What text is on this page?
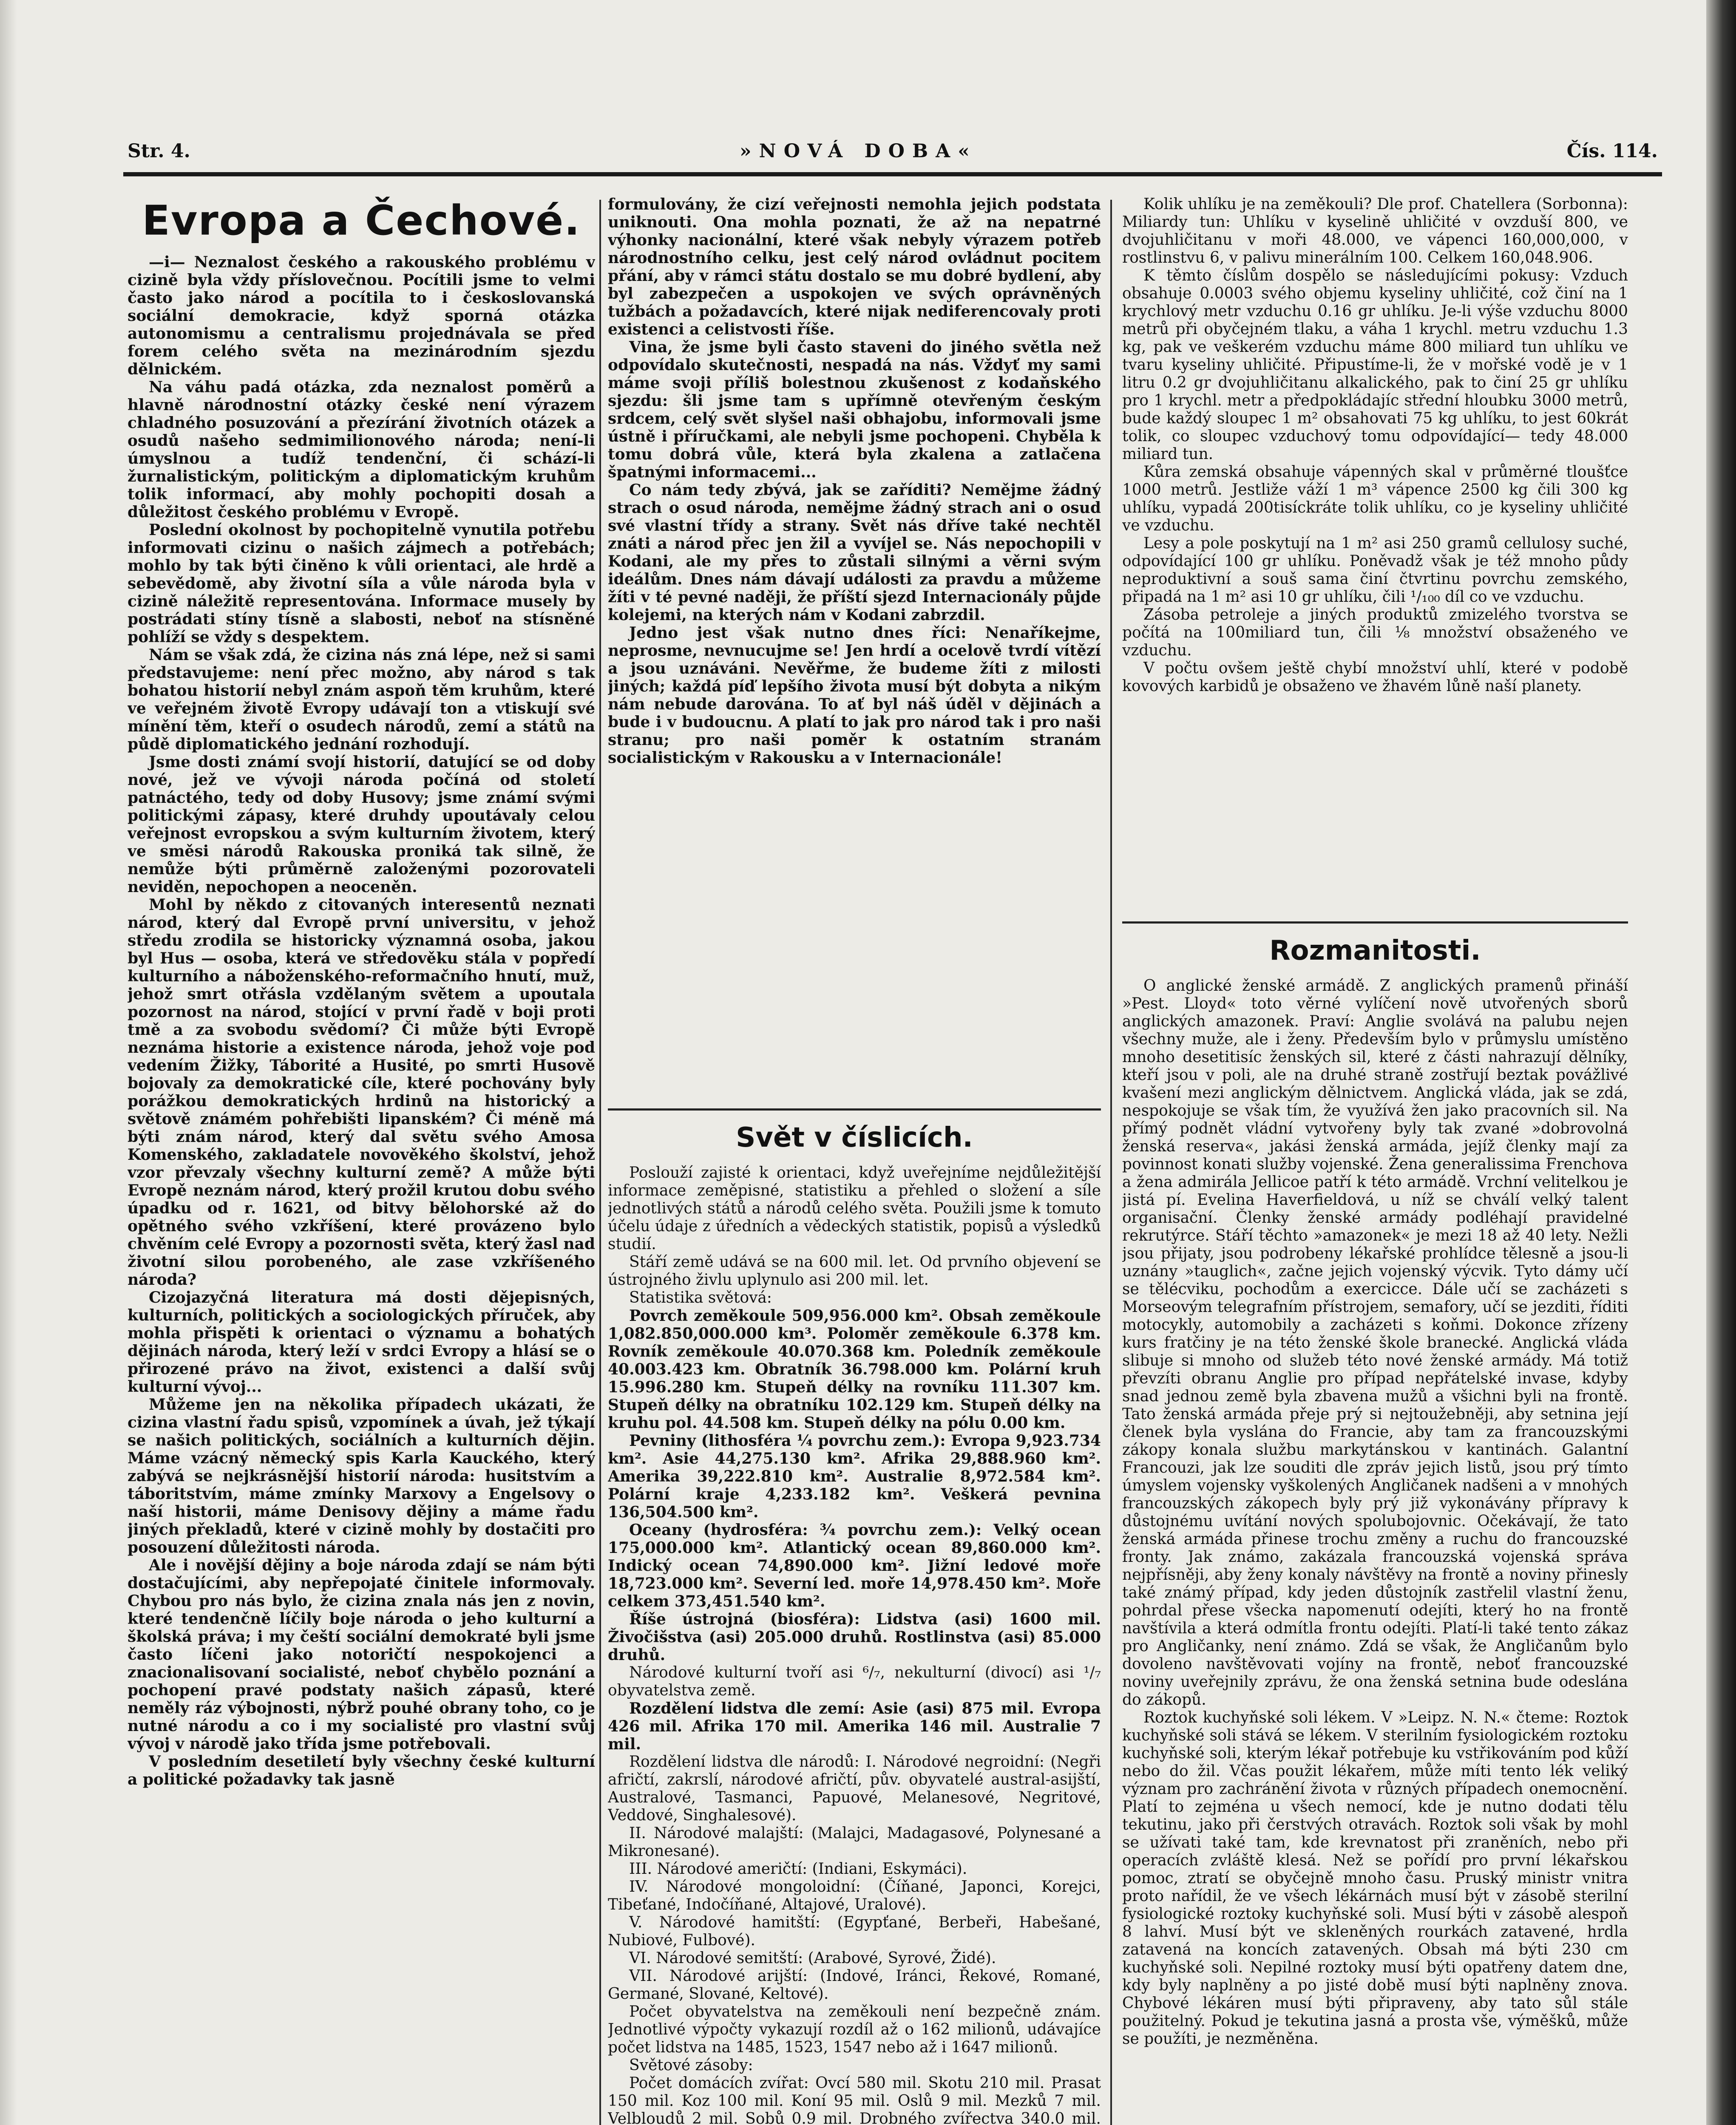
Str. 4.	»NOVÁ DOBA«	Čís. 114.
Evropa a Čechové.

—i— Neznalost českého a rakouského problému v cizině byla vždy příslovečnou. Pocítili jsme to velmi často jako národ a pocítila to i českoslovanská sociální demokracie, když sporná otázka autonomismu a centralismu projednávala se před forem celého světa na mezinárodním sjezdu dělnickém.

Na váhu padá otázka, zda neznalost poměrů a hlavně národnostní otázky české není výrazem chladného posuzování a přezírání životních otázek a osudů našeho sedmimilionového národa; není-li úmyslnou a tudíž tendenční, či schází-li žurnalistickým, politickým a diplomatickým kruhům tolik informací, aby mohly pochopiti dosah a důležitost českého problému v Evropě.

Poslední okolnost by pochopitelně vynutila potřebu informovati cizinu o našich zájmech a potřebách; mohlo by tak býti činěno k vůli orientaci, ale hrdě a sebevědomě, aby životní síla a vůle národa byla v cizině náležitě representována. Informace musely by postrádati stíny tísně a slabosti, neboť na stísněné pohlíží se vždy s despektem.

Nám se však zdá, že cizina nás zná lépe, než si sami představujeme: není přec možno, aby národ s tak bohatou historií nebyl znám aspoň těm kruhům, které ve veřejném životě Evropy udávají ton a vtiskují své mínění těm, kteří o osudech národů, zemí a států na půdě diplomatického jednání rozhodují.

Jsme dosti známí svojí historií, datující se od doby nové, jež ve vývoji národa počíná od století patnáctého, tedy od doby Husovy; jsme známí svými politickými zápasy, které druhdy upoutávaly celou veřejnost evropskou a svým kulturním životem, který ve směsi národů Rakouska proniká tak silně, že nemůže býti průměrně založenými pozorovateli neviděn, nepochopen a neoceněn.

Mohl by někdo z citovaných interesentů neznati národ, který dal Evropě první universitu, v jehož středu zrodila se historicky významná osoba, jakou byl Hus — osoba, která ve středověku stála v popředí kulturního a náboženského-reformačního hnutí, muž, jehož smrt otřásla vzdělaným světem a upoutala pozornost na národ, stojící v první řadě v boji proti tmě a za svobodu svědomí? Či může býti Evropě neznáma historie a existence národa, jehož voje pod vedením Žižky, Táborité a Husité, po smrti Husově bojovaly za demokratické cíle, které pochovány byly porážkou demokratických hrdinů na historický a světově známém pohřebišti lipanském? Či méně má býti znám národ, který dal světu svého Amosa Komenského, zakladatele novověkého školství, jehož vzor převzaly všechny kulturní země? A může býti Evropě neznám národ, který prožil krutou dobu svého úpadku od r. 1621, od bitvy bělohorské až do opětného svého vzkříšení, které provázeno bylo chvěním celé Evropy a pozornosti světa, který žasl nad životní silou porobeného, ale zase vzkříšeného národa?

Cizojazyčná literatura má dosti dějepisných, kulturních, politických a sociologických příruček, aby mohla přispěti k orientaci o významu a bohatých dějinách národa, který leží v srdci Evropy a hlásí se o přirozené právo na život, existenci a další svůj kulturní vývoj...

Můžeme jen na několika případech ukázati, že cizina vlastní řadu spisů, vzpomínek a úvah, jež týkají se našich politických, sociálních a kulturních dějin. Máme vzácný německý spis Karla Kauckého, který zabývá se nejkrásnější historií národa: husitstvím a táboritstvím, máme zmínky Marxovy a Engelsovy o naší historii, máme Denisovy dějiny a máme řadu jiných překladů, které v cizině mohly by dostačiti pro posouzení důležitosti národa.

Ale i novější dějiny a boje národa zdají se nám býti dostačujícími, aby nepřepojaté činitele informovaly. Chybou pro nás bylo, že cizina znala nás jen z novin, které tendenčně líčily boje národa o jeho kulturní a školská práva; i my čeští sociální demokraté byli jsme často líčeni jako notoričtí nespokojenci a znacionalisovaní socialisté, neboť chybělo poznání a pochopení pravé podstaty našich zápasů, které neměly ráz výbojnosti, nýbrž pouhé obrany toho, co je nutné národu a co i my socialisté pro vlastní svůj vývoj v národě jako třída jsme potřebovali.

V posledním desetiletí byly všechny české kulturní a politické požadavky tak jasně

formulovány, že cizí veřejnosti nemohla jejich podstata uniknouti. Ona mohla poznati, že až na nepatrné výhonky nacionální, které však nebyly výrazem potřeb národnostního celku, jest celý národ ovládnut pocitem přání, aby v rámci státu dostalo se mu dobré bydlení, aby byl zabezpečen a uspokojen ve svých oprávněných tužbách a požadavcích, které nijak nediferencovaly proti existenci a celistvosti říše.

Vina, že jsme byli často staveni do jiného světla než odpovídalo skutečnosti, nespadá na nás. Vždyť my sami máme svoji příliš bolestnou zkušenost z kodaňského sjezdu: šli jsme tam s upřímně otevřeným českým srdcem, celý svět slyšel naši obhajobu, informovali jsme ústně i příručkami, ale nebyli jsme pochopeni. Chyběla k tomu dobrá vůle, která byla zkalena a zatlačena špatnými informacemi...

Co nám tedy zbývá, jak se zaříditi? Nemějme žádný strach o osud národa, nemějme žádný strach ani o osud své vlastní třídy a strany. Svět nás dříve také nechtěl znáti a národ přec jen žil a vyvíjel se. Nás nepochopili v Kodani, ale my přes to zůstali silnými a věrni svým ideálům. Dnes nám dávají události za pravdu a můžeme žíti v té pevné naději, že příští sjezd Internacionály půjde kolejemi, na kterých nám v Kodani zabrzdil.

Jedno jest však nutno dnes říci: Nenaříkejme, neprosme, nevnucujme se! Jen hrdí a ocelově tvrdí vítězí a jsou uznáváni. Nevěřme, že budeme žíti z milosti jiných; každá píď lepšího života musí být dobyta a nikým nám nebude darována. To ať byl náš úděl v dějinách a bude i v budoucnu. A platí to jak pro národ tak i pro naši stranu; pro naši poměr k ostatním stranám socialistickým v Rakousku a v Internacionále!

Svět v číslicích.

Poslouží zajisté k orientaci, když uveřejníme nejdůležitější informace zeměpisné, statistiku a přehled o složení a síle jednotlivých států a národů celého světa. Použili jsme k tomuto účelu údaje z úředních a vědeckých statistik, popisů a výsledků studií.

Stáří země udává se na 600 mil. let. Od prvního objevení se ústrojného živlu uplynulo asi 200 mil. let.

Statistika světová:

Povrch zeměkoule 509,956.000 km². Obsah zeměkoule 1,082.850,000.000 km³. Poloměr zeměkoule 6.378 km. Rovník zeměkoule 40.070.368 km. Poledník zeměkoule 40.003.423 km. Obratník 36.798.000 km. Polární kruh 15.996.280 km. Stupeň délky na rovníku 111.307 km. Stupeň délky na obratníku 102.129 km. Stupeň délky na kruhu pol. 44.508 km. Stupeň délky na pólu 0.00 km.

Pevniny (lithosféra ¼ povrchu zem.): Evropa 9,923.734 km². Asie 44,275.130 km². Afrika 29,888.960 km². Amerika 39,222.810 km². Australie 8,972.584 km². Polární kraje 4,233.182 km². Veškerá pevnina 136,504.500 km².

Oceany (hydrosféra: ¾ povrchu zem.): Velký ocean 175,000.000 km². Atlantický ocean 89,860.000 km². Indický ocean 74,890.000 km². Jižní ledové moře 18,723.000 km². Severní led. moře 14,978.450 km². Moře celkem 373,451.540 km².

Říše ústrojná (biosféra): Lidstva (asi) 1600 mil. Živočišstva (asi) 205.000 druhů. Rostlinstva (asi) 85.000 druhů.

Národové kulturní tvoří asi ⁶/₇, nekulturní (divocí) asi ¹/₇ obyvatelstva země.

Rozdělení lidstva dle zemí: Asie (asi) 875 mil. Evropa 426 mil. Afrika 170 mil. Amerika 146 mil. Australie 7 mil.

Rozdělení lidstva dle národů: I. Národové negroidní: (Negři afričtí, zakrslí, národové afričtí, pův. obyvatelé austral-asijští, Australové, Tasmanci, Papuové, Melanesové, Negritové, Veddové, Singhalesové).

II. Národové malajští: (Malajci, Madagasové, Polynesané a Mikronesané).

III. Národové američtí: (Indiani, Eskymáci).

IV. Národové mongoloidní: (Číňané, Japonci, Korejci, Tibeťané, Indočíňané, Altajové, Uralové).

V. Národové hamitští: (Egypťané, Berbeři, Habešané, Nubiové, Fulbové).

VI. Národové semitští: (Arabové, Syrové, Židé).

VII. Národové arijští: (Indové, Iránci, Řekové, Romané, Germané, Slované, Keltové).

Počet obyvatelstva na zeměkouli není bezpečně znám. Jednotlivé výpočty vykazují rozdíl až o 162 milionů, udávajíce počet lidstva na 1485, 1523, 1547 nebo až i 1647 milionů.

Světové zásoby:

Počet domácích zvířat: Ovcí 580 mil. Skotu 210 mil. Prasat 150 mil. Koz 100 mil. Koní 95 mil. Oslů 9 mil. Mezků 7 mil. Velbloudů 2 mil. Sobů 0.9 mil. Drobného zvířectva 340.0 mil.

Kolik uhlíku je na zeměkouli? Dle prof. Chatellera (Sorbonna): Miliardy tun: Uhlíku v kyselině uhličité v ovzduší 800, ve dvojuhličitanu v moři 48.000, ve vápenci 160,000,000, v rostlinstvu 6, v palivu minerálním 100. Celkem 160,048.906.

K těmto číslům dospělo se následujícími pokusy: Vzduch obsahuje 0.0003 svého objemu kyseliny uhličité, což činí na 1 krychlový metr vzduchu 0.16 gr uhlíku. Je-li výše vzduchu 8000 metrů při obyčejném tlaku, a váha 1 krychl. metru vzduchu 1.3 kg, pak ve veškerém vzduchu máme 800 miliard tun uhlíku ve tvaru kyseliny uhličité. Připustíme-li, že v mořské vodě je v 1 litru 0.2 gr dvojuhličitanu alkalického, pak to činí 25 gr uhlíku pro 1 krychl. metr a předpokládajíc střední hloubku 3000 metrů, bude každý sloupec 1 m² obsahovati 75 kg uhlíku, to jest 60krát tolik, co sloupec vzduchový tomu odpovídající— tedy 48.000 miliard tun.

Kůra zemská obsahuje vápenných skal v průměrné tloušťce 1000 metrů. Jestliže váží 1 m³ vápence 2500 kg čili 300 kg uhlíku, vypadá 200tisíckráte tolik uhlíku, co je kyseliny uhličité ve vzduchu.

Lesy a pole poskytují na 1 m² asi 250 gramů cellulosy suché, odpovídající 100 gr uhlíku. Poněvadž však je též mnoho půdy neproduktivní a souš sama činí čtvrtinu povrchu zemského, připadá na 1 m² asi 10 gr uhlíku, čili ¹/₁₀₀ díl co ve vzduchu.

Zásoba petroleje a jiných produktů zmizelého tvorstva se počítá na 100miliard tun, čili ⅛ množství obsaženého ve vzduchu.

V počtu ovšem ještě chybí množství uhlí, které v podobě kovových karbidů je obsaženo ve žhavém lůně naší planety.

Rozmanitosti.

O anglické ženské armádě. Z anglických pramenů přináší »Pest. Lloyd« toto věrné vylíčení nově utvořených sborů anglických amazonek. Praví: Anglie svolává na palubu nejen všechny muže, ale i ženy. Především bylo v průmyslu umístěno mnoho desetitisíc ženských sil, které z části nahrazují dělníky, kteří jsou v poli, ale na druhé straně zostřují beztak povážlivé kvašení mezi anglickým dělnictvem. Anglická vláda, jak se zdá, nespokojuje se však tím, že využívá žen jako pracovních sil. Na přímý podnět vládní vytvořeny byly tak zvané »dobrovolná ženská reserva«, jakási ženská armáda, jejíž členky mají za povinnost konati služby vojenské. Žena generalissima Frenchova a žena admirála Jellicoe patří k této armádě. Vrchní velitelkou je jistá pí. Evelina Haverfieldová, u níž se chválí velký talent organisační. Členky ženské armády podléhají pravidelné rekrutýrce. Stáří těchto »amazonek« je mezi 18 až 40 lety. Nežli jsou přijaty, jsou podrobeny lékařské prohlídce tělesně a jsou-li uznány »tauglich«, začne jejich vojenský výcvik. Tyto dámy učí se tělécviku, pochodům a exercicce. Dále učí se zacházeti s Morseovým telegrafním přístrojem, semafory, učí se jezditi, říditi motocykly, automobily a zacházeti s koňmi. Dokonce zřízeny kurs fratčiny je na této ženské škole branecké. Anglická vláda slibuje si mnoho od služeb této nové ženské armády. Má totiž převzíti obranu Anglie pro případ nepřátelské invase, kdyby snad jednou země byla zbavena mužů a všichni byli na frontě. Tato ženská armáda přeje prý si nejtoužebněji, aby setnina její členek byla vyslána do Francie, aby tam za francouzskými zákopy konala službu markytánskou v kantinách. Galantní Francouzi, jak lze souditi dle zpráv jejich listů, jsou prý tímto úmyslem vojensky vyškolených Angličanek nadšeni a v mnohých francouzských zákopech byly prý již vykonávány přípravy k důstojnému uvítání nových spolubojovnic. Očekávají, že tato ženská armáda přinese trochu změny a ruchu do francouzské fronty. Jak známo, zakázala francouzská vojenská správa nejpřísněji, aby ženy konaly návštěvy na frontě a noviny přinesly také známý případ, kdy jeden důstojník zastřelil vlastní ženu, pohrdal přese všecka napomenutí odejíti, který ho na frontě navštívila a která odmítla frontu odejíti. Platí-li také tento zákaz pro Angličanky, není známo. Zdá se však, že Angličanům bylo dovoleno navštěvovati vojíny na frontě, neboť francouzské noviny uveřejnily zprávu, že ona ženská setnina bude odeslána do zákopů.

Roztok kuchyňské soli lékem. V »Leipz. N. N.« čteme: Roztok kuchyňské soli stává se lékem. V sterilním fysiologickém roztoku kuchyňské soli, kterým lékař potřebuje ku vstřikováním pod kůží nebo do žil. Včas použit lékařem, může míti tento lék veliký význam pro zachránění života v různých případech onemocnění. Platí to zejména u všech nemocí, kde je nutno dodati tělu tekutinu, jako při čerstvých otravách. Roztok soli však by mohl se užívati také tam, kde krevnatost při zraněních, nebo při operacích zvláště klesá. Než se pořídí pro první lékařskou pomoc, ztratí se obyčejně mnoho času. Pruský ministr vnitra proto nařídil, že ve všech lékárnách musí být v zásobě sterilní fysiologické roztoky kuchyňské soli. Musí býti v zásobě alespoň 8 lahví. Musí být ve skleněných rourkách zatavené, hrdla zatavená na koncích zatavených. Obsah má býti 230 cm kuchyňské soli. Nepilné roztoky musí býti opatřeny datem dne, kdy byly naplněny a po jisté době musí býti naplněny znova. Chybové lékáren musí býti připraveny, aby tato sůl stále použitelný. Pokud je tekutina jasná a prosta vše, výměšků, může se použíti, je nezměněna.
